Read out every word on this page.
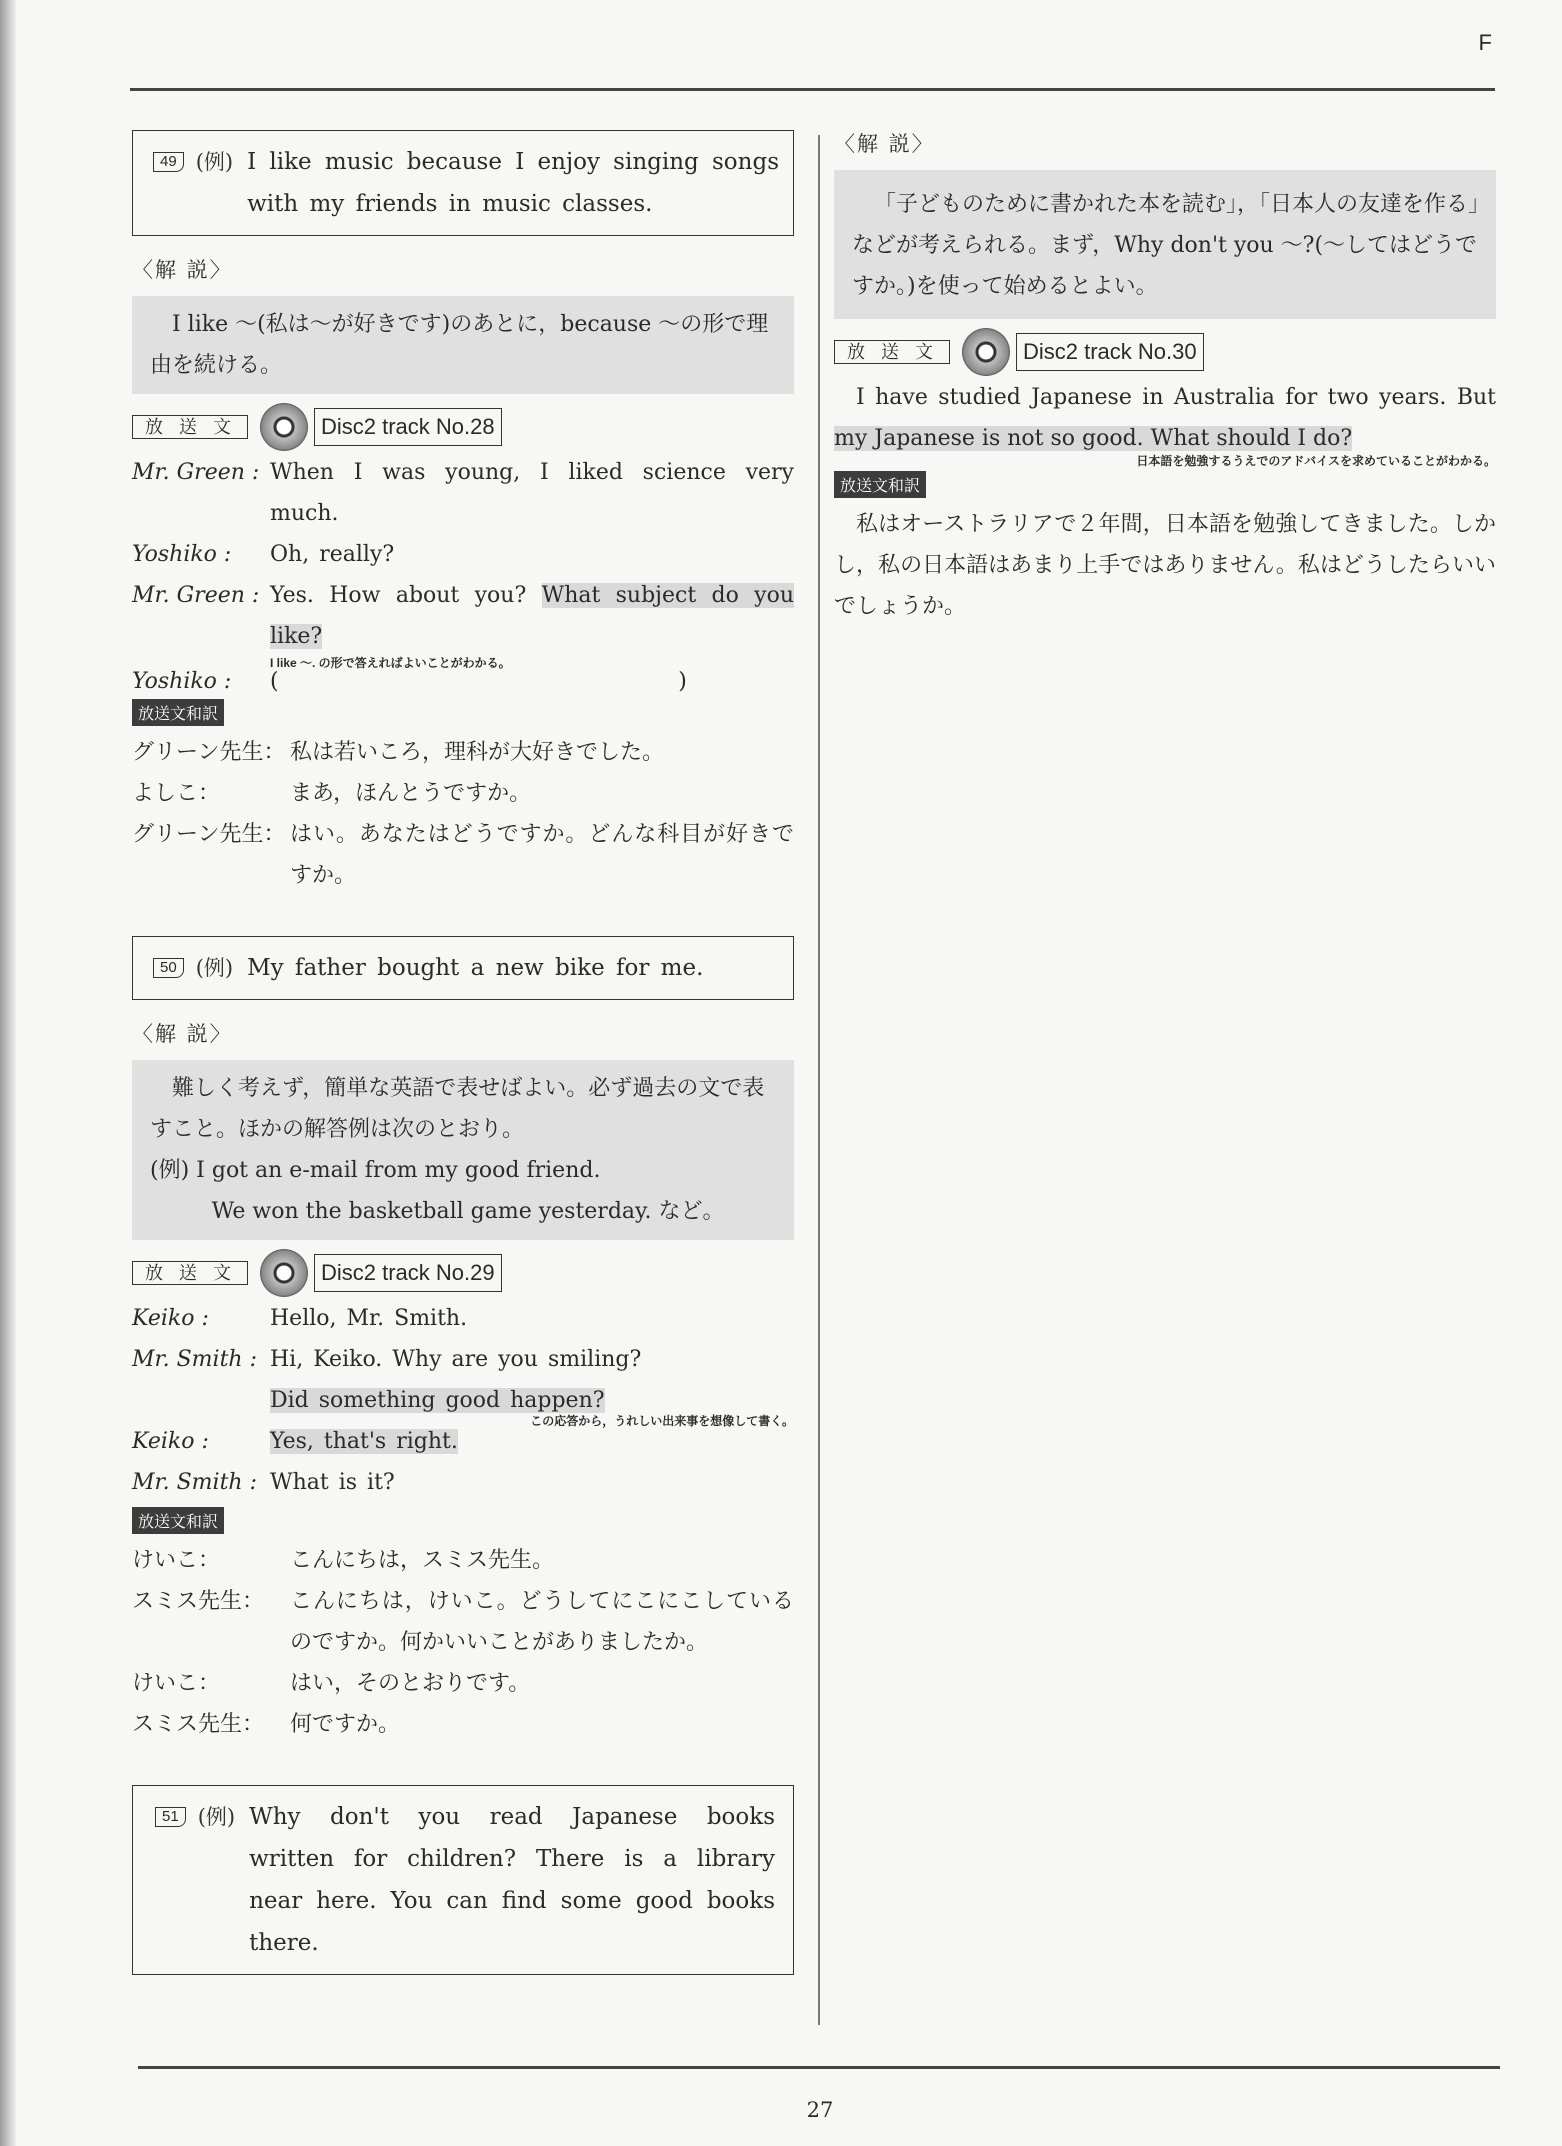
F
49 (例) I like music because I enjoy singing songs with my friends in music classes.
〈解 説〉

I like 〜(私は〜が好きです)のあとに，because 〜の形で理由を続ける。

放送文	Disc2 track No.28
Mr. Green : When I was young, I liked science very much.
Yoshiko :	Oh, really?
Mr. Green : Yes. How about you? What subject do you like?
I like 〜. の形で答えればよいことがわかる。
Yoshiko :	(                                        )
放送文和訳
グリーン先生： 私は若いころ，理科が大好きでした。
よしこ：	まあ，ほんとうですか。
グリーン先生： はい。あなたはどうですか。どんな科目が好きですか。
50 (例) My father bought a new bike for me.
〈解 説〉

難しく考えず，簡単な英語で表せばよい。必ず過去の文で表すこと。ほかの解答例は次のとおり。

(例) I got an e-mail from my good friend.

We won the basketball game yesterday. など。

放送文	Disc2 track No.29
Keiko :	Hello, Mr. Smith.
Mr. Smith : Hi, Keiko. Why are you smiling?
Did something good happen?
この応答から，うれしい出来事を想像して書く。
Keiko :	Yes, that's right.
Mr. Smith : What is it?
放送文和訳
けいこ：	こんにちは，スミス先生。
スミス先生：	こんにちは，けいこ。どうしてにこにこしているのですか。何かいいことがありましたか。
けいこ：	はい，そのとおりです。
スミス先生：	何ですか。
51 (例) Why don't you read Japanese books written for children? There is a library near here. You can find some good books there.
〈解 説〉

「子どものために書かれた本を読む」，「日本人の友達を作る」などが考えられる。まず，Why don't you 〜?(〜してはどうですか。)を使って始めるとよい。

放送文	Disc2 track No.30
I have studied Japanese in Australia for two years. But my Japanese is not so good. What should I do?
日本語を勉強するうえでのアドバイスを求めていることがわかる。
放送文和訳
私はオーストラリアで２年間，日本語を勉強してきました。しかし，私の日本語はあまり上手ではありません。私はどうしたらいいでしょうか。
27
